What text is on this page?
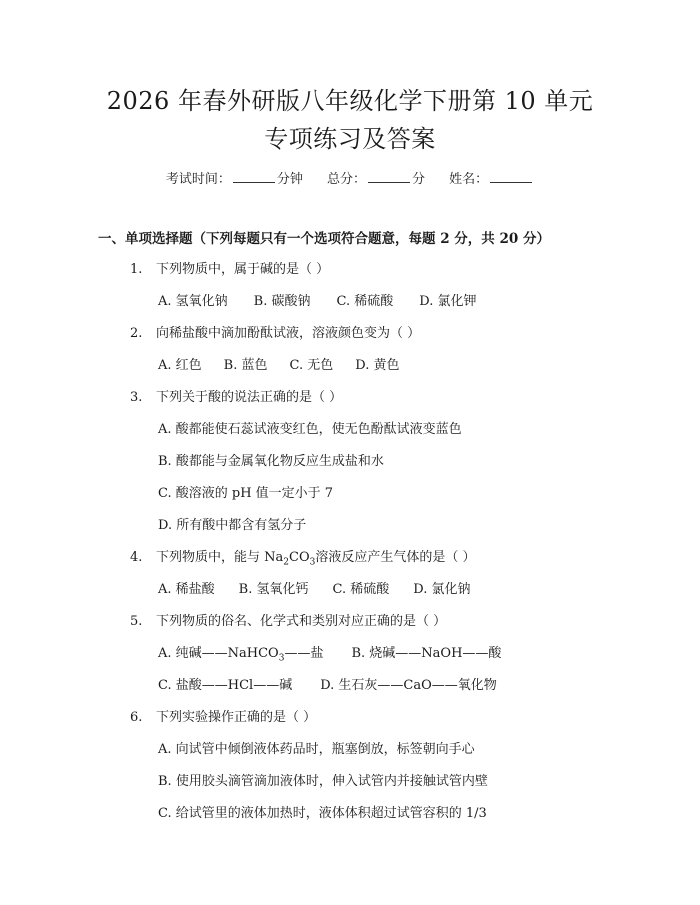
2026 年春外研版八年级化学下册第 10 单元
专项练习及答案
考试时间：	分钟 总分：	分 姓名：
一、单项选择题（下列每题只有一个选项符合题意，每题 2 分，共 20 分）
1. 下列物质中，属于碱的是（ ）
A. 氢氧化钠 B. 碳酸钠 C. 稀硫酸 D. 氯化钾
2. 向稀盐酸中滴加酚酞试液，溶液颜色变为（ ）
A. 红色 B. 蓝色 C. 无色 D. 黄色
3. 下列关于酸的说法正确的是（ ）
A. 酸都能使石蕊试液变红色，使无色酚酞试液变蓝色
B. 酸都能与金属氧化物反应生成盐和水
C. 酸溶液的 pH 值一定小于 7
D. 所有酸中都含有氢分子
4. 下列物质中，能与 $Na_2CO_3$溶液反应产生气体的是（ ）
A. 稀盐酸 B. 氢氧化钙 C. 稀硫酸 D. 氯化钠
5. 下列物质的俗名、化学式和类别对应正确的是（ ）
A. 纯碱——NaHCO$_3$——盐 B. 烧碱——NaOH——酸
C. 盐酸——HCl——碱 D. 生石灰——CaO——氧化物
6. 下列实验操作正确的是（ ）
A. 向试管中倾倒液体药品时，瓶塞倒放，标签朝向手心
B. 使用胶头滴管滴加液体时，伸入试管内并接触试管内壁
C. 给试管里的液体加热时，液体体积超过试管容积的 1/3
